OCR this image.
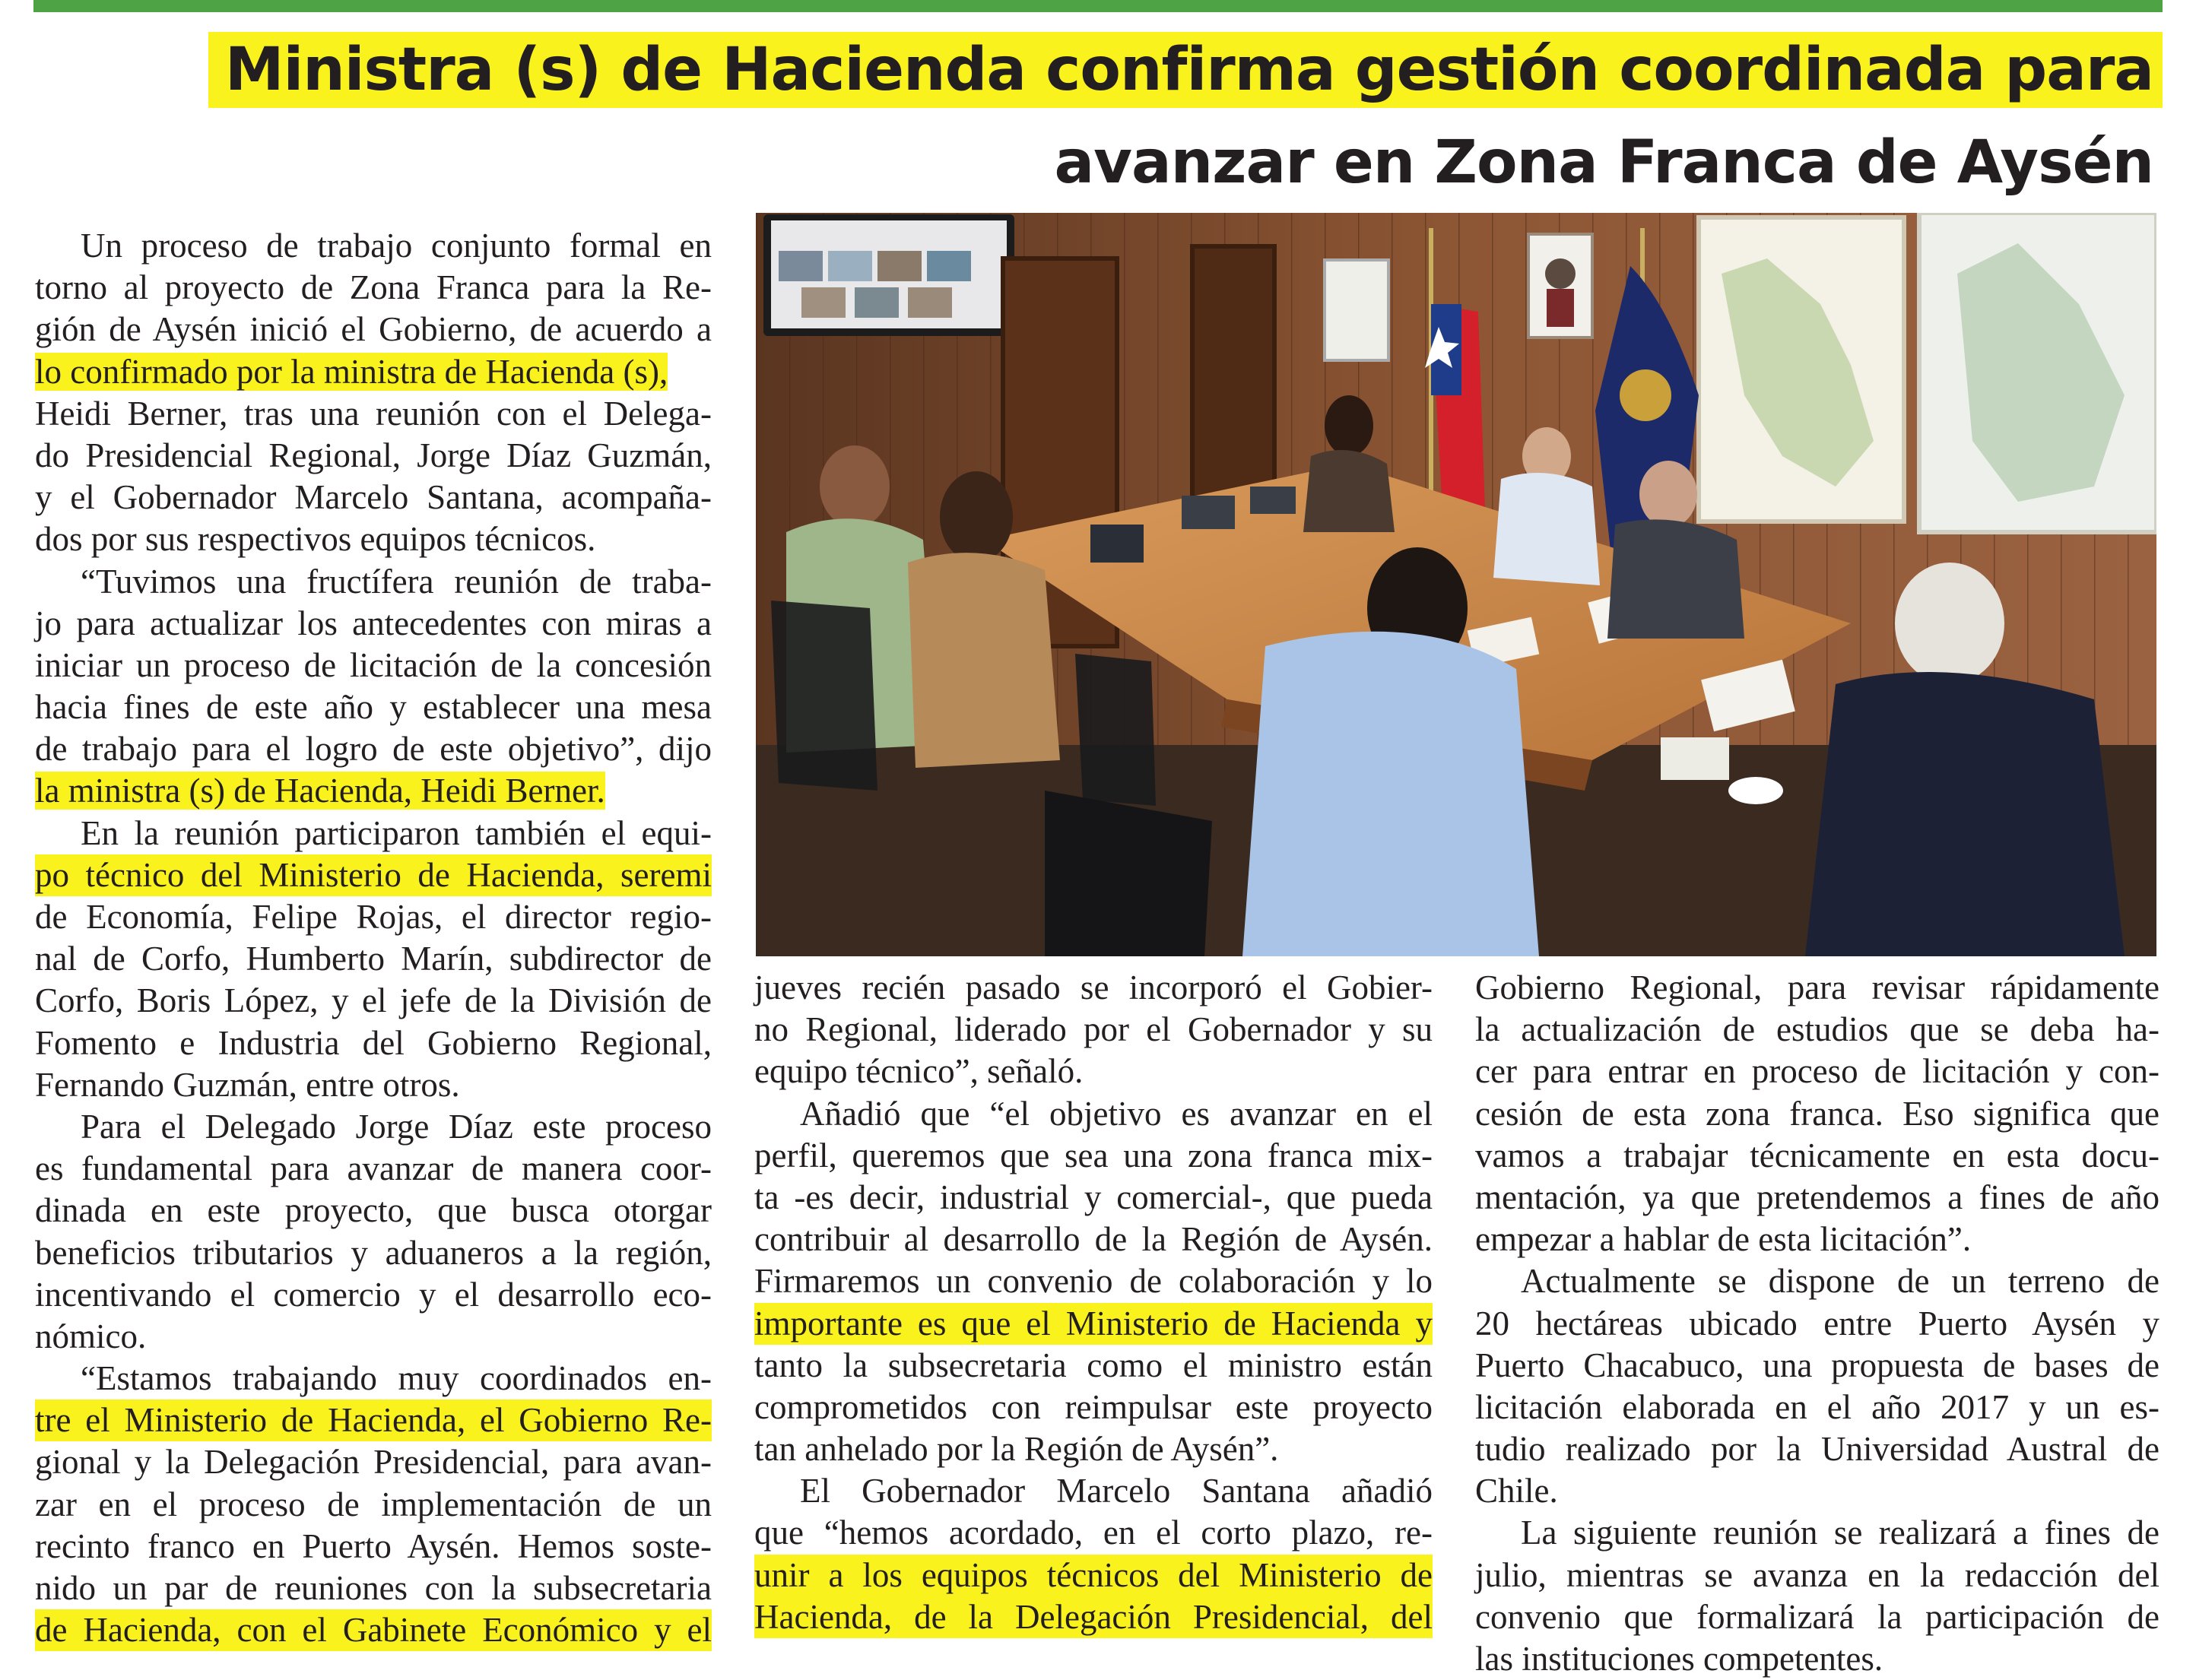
Ministra (s) de Hacienda confirma gestión coordinada para
avanzar en Zona Franca de Aysén
Un proceso de trabajo conjunto formal en
torno al proyecto de Zona Franca para la Re-
gión de Aysén inició el Gobierno, de acuerdo a
lo confirmado por la ministra de Hacienda (s),
Heidi Berner, tras una reunión con el Delega-
do Presidencial Regional, Jorge Díaz Guzmán,
y el Gobernador Marcelo Santana, acompaña-
dos por sus respectivos equipos técnicos.
“Tuvimos una fructífera reunión de traba-
jo para actualizar los antecedentes con miras a
iniciar un proceso de licitación de la concesión
hacia fines de este año y establecer una mesa
de trabajo para el logro de este objetivo”, dijo
la ministra (s) de Hacienda, Heidi Berner.
En la reunión participaron también el equi-
po técnico del Ministerio de Hacienda, seremi
de Economía, Felipe Rojas, el director regio-
nal de Corfo, Humberto Marín, subdirector de
Corfo, Boris López, y el jefe de la División de
Fomento e Industria del Gobierno Regional,
Fernando Guzmán, entre otros.
Para el Delegado Jorge Díaz este proceso
es fundamental para avanzar de manera coor-
dinada en este proyecto, que busca otorgar
beneficios tributarios y aduaneros a la región,
incentivando el comercio y el desarrollo eco-
nómico.
“Estamos trabajando muy coordinados en-
tre el Ministerio de Hacienda, el Gobierno Re-
gional y la Delegación Presidencial, para avan-
zar en el proceso de implementación de un
recinto franco en Puerto Aysén. Hemos soste-
nido un par de reuniones con la subsecretaria
de Hacienda, con el Gabinete Económico y el
jueves recién pasado se incorporó el Gobier-
no Regional, liderado por el Gobernador y su
equipo técnico”, señaló.
Añadió que “el objetivo es avanzar en el
perfil, queremos que sea una zona franca mix-
ta -es decir, industrial y comercial-, que pueda
contribuir al desarrollo de la Región de Aysén.
Firmaremos un convenio de colaboración y lo
importante es que el Ministerio de Hacienda y
tanto la subsecretaria como el ministro están
comprometidos con reimpulsar este proyecto
tan anhelado por la Región de Aysén”.
El Gobernador Marcelo Santana añadió
que “hemos acordado, en el corto plazo, re-
unir a los equipos técnicos del Ministerio de
Hacienda, de la Delegación Presidencial, del
Gobierno Regional, para revisar rápidamente
la actualización de estudios que se deba ha-
cer para entrar en proceso de licitación y con-
cesión de esta zona franca. Eso significa que
vamos a trabajar técnicamente en esta docu-
mentación, ya que pretendemos a fines de año
empezar a hablar de esta licitación”.
Actualmente se dispone de un terreno de
20 hectáreas ubicado entre Puerto Aysén y
Puerto Chacabuco, una propuesta de bases de
licitación elaborada en el año 2017 y un es-
tudio realizado por la Universidad Austral de
Chile.
La siguiente reunión se realizará a fines de
julio, mientras se avanza en la redacción del
convenio que formalizará la participación de
las instituciones competentes.
